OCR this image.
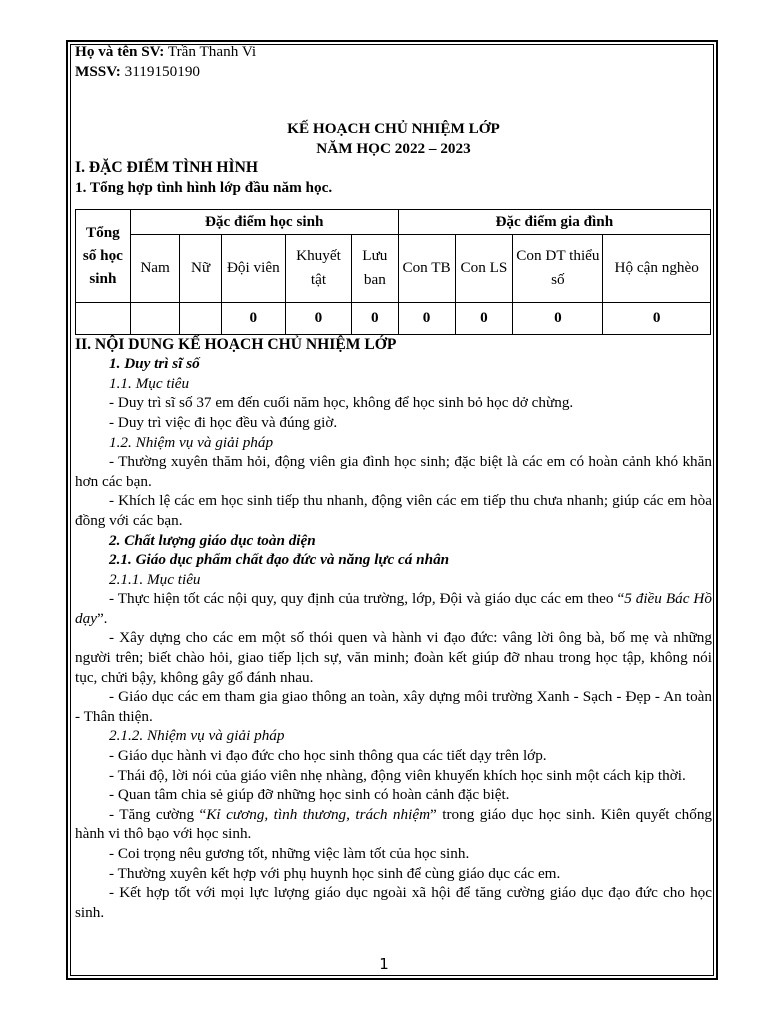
Họ và tên SV: Trần Thanh Vi

MSSV: 3119150190

KẾ HOẠCH CHỦ NHIỆM LỚP

NĂM HỌC 2022 – 2023

I. ĐẶC ĐIỂM TÌNH HÌNH

1. Tổng hợp tình hình lớp đầu năm học.

Tổng số học sinh	Đặc điểm học sinh					Đặc điểm gia đình			
	Nam	Nữ	Đội viên	Khuyết tật	Lưu ban	Con TB	Con LS	Con DT thiểu số	Hộ cận nghèo
			0	0	0	0	0	0	0

II. NỘI DUNG KẾ HOẠCH CHỦ NHIỆM LỚP

1. Duy trì sĩ số

1.1. Mục tiêu

- Duy trì sĩ số 37 em đến cuối năm học, không để học sinh bỏ học dở chừng.

- Duy trì việc đi học đều và đúng giờ.

1.2. Nhiệm vụ và giải pháp

- Thường xuyên thăm hỏi, động viên gia đình học sinh; đặc biệt là các em có hoàn cảnh khó khăn hơn các bạn.

- Khích lệ các em học sinh tiếp thu nhanh, động viên các em tiếp thu chưa nhanh; giúp các em hòa đồng với các bạn.

2. Chất lượng giáo dục toàn diện

2.1. Giáo dục phẩm chất đạo đức và năng lực cá nhân

2.1.1. Mục tiêu

- Thực hiện tốt các nội quy, quy định của trường, lớp, Đội và giáo dục các em theo “5 điều Bác Hồ dạy”.

- Xây dựng cho các em một số thói quen và hành vi đạo đức: vâng lời ông bà, bố mẹ và những người trên; biết chào hỏi, giao tiếp lịch sự, văn minh; đoàn kết giúp đỡ nhau trong học tập, không nói tục, chửi bậy, không gây gổ đánh nhau.

- Giáo dục các em tham gia giao thông an toàn, xây dựng môi trường Xanh - Sạch - Đẹp - An toàn - Thân thiện.

2.1.2. Nhiệm vụ và giải pháp

- Giáo dục hành vi đạo đức cho học sinh thông qua các tiết dạy trên lớp.

- Thái độ, lời nói của giáo viên nhẹ nhàng, động viên khuyến khích học sinh một cách kịp thời.

- Quan tâm chia sẻ giúp đỡ những học sinh có hoàn cảnh đặc biệt.

- Tăng cường “Kỉ cương, tình thương, trách nhiệm” trong giáo dục học sinh. Kiên quyết chống hành vi thô bạo với học sinh.

- Coi trọng nêu gương tốt, những việc làm tốt của học sinh.

- Thường xuyên kết hợp với phụ huynh học sinh để cùng giáo dục các em.

- Kết hợp tốt với mọi lực lượng giáo dục ngoài xã hội để tăng cường giáo dục đạo đức cho học sinh.

1
